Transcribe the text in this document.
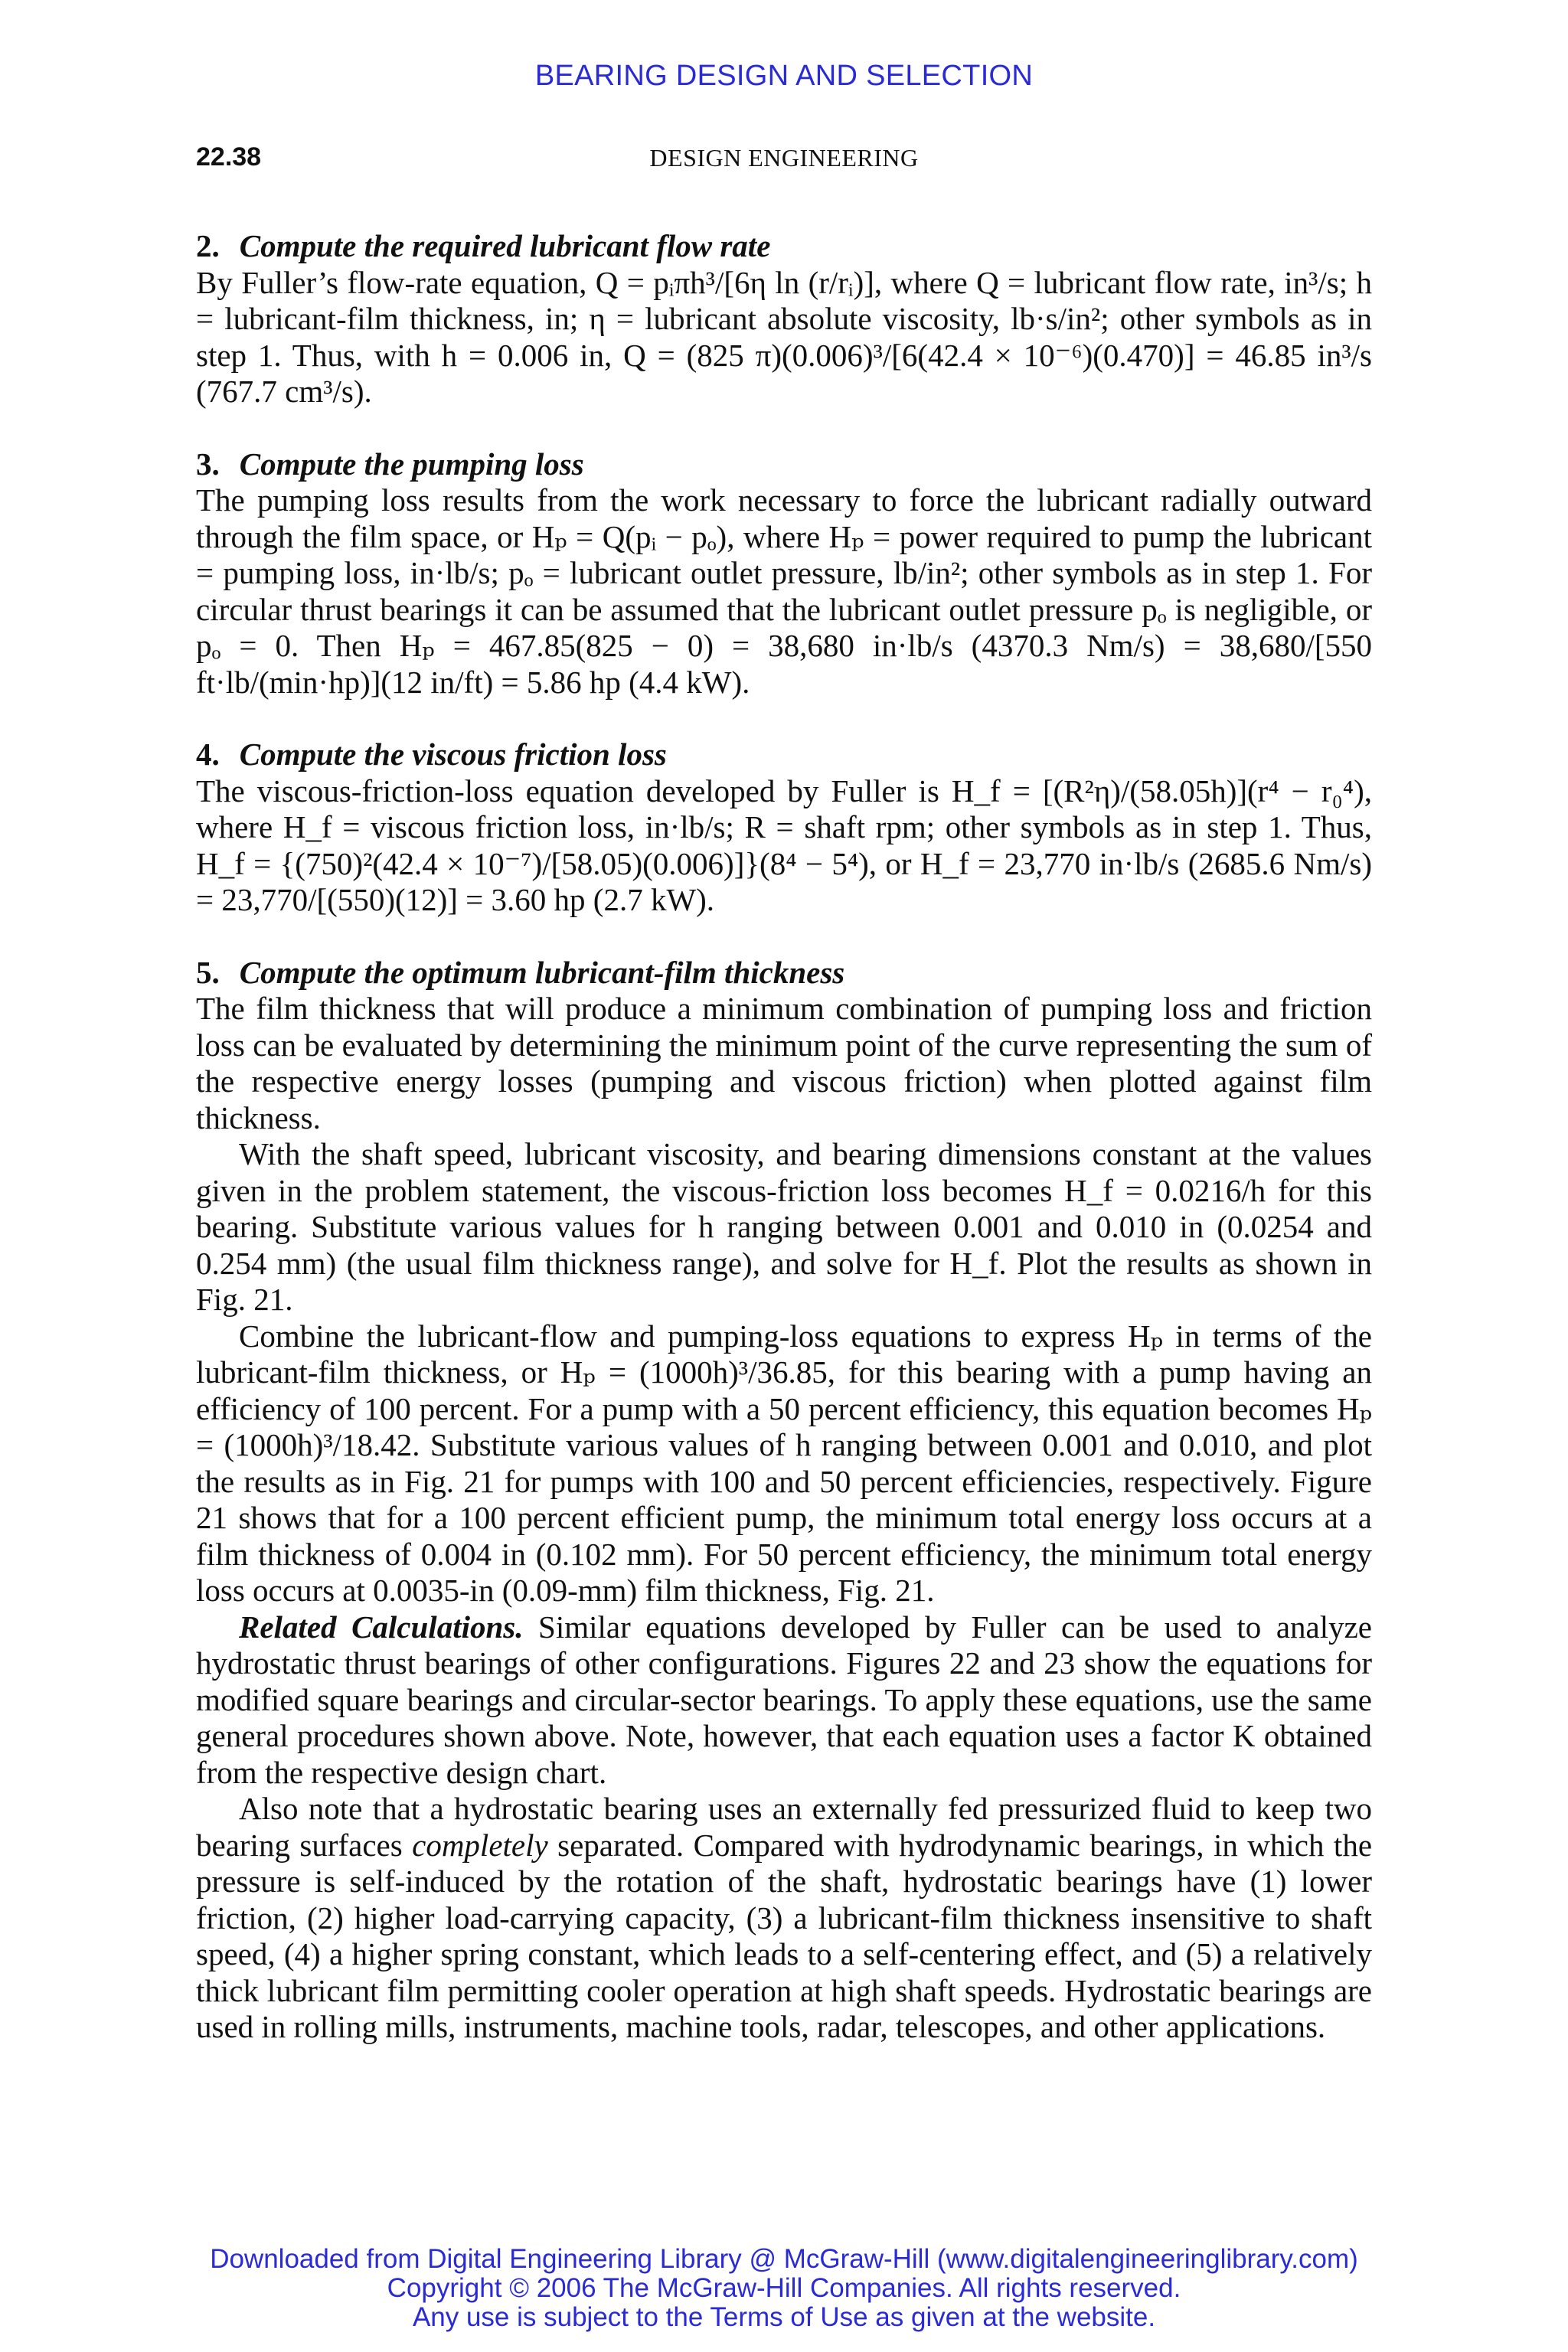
BEARING DESIGN AND SELECTION
22.38	DESIGN ENGINEERING
2. Compute the required lubricant flow rate
By Fuller’s flow-rate equation, Q = pᵢπh³/[6η ln (r/rᵢ)], where Q = lubricant flow rate, in³/s; h = lubricant-film thickness, in; η = lubricant absolute viscosity, lb·s/in²; other symbols as in step 1. Thus, with h = 0.006 in, Q = (825 π)(0.006)³/[6(42.4 × 10⁻⁶)(0.470)] = 46.85 in³/s (767.7 cm³/s).
3. Compute the pumping loss
The pumping loss results from the work necessary to force the lubricant radially outward through the film space, or Hₚ = Q(pᵢ − pₒ), where Hₚ = power required to pump the lubricant = pumping loss, in·lb/s; pₒ = lubricant outlet pressure, lb/in²; other symbols as in step 1. For circular thrust bearings it can be assumed that the lubricant outlet pressure pₒ is negligible, or pₒ = 0. Then Hₚ = 467.85(825 − 0) = 38,680 in·lb/s (4370.3 Nm/s) = 38,680/[550 ft·lb/(min·hp)](12 in/ft) = 5.86 hp (4.4 kW).
4. Compute the viscous friction loss
The viscous-friction-loss equation developed by Fuller is H_f = [(R²η)/(58.05h)](r⁴ − r₀⁴), where H_f = viscous friction loss, in·lb/s; R = shaft rpm; other symbols as in step 1. Thus, H_f = {(750)²(42.4 × 10⁻⁷)/[58.05)(0.006)]}(8⁴ − 5⁴), or H_f = 23,770 in·lb/s (2685.6 Nm/s) = 23,770/[(550)(12)] = 3.60 hp (2.7 kW).
5. Compute the optimum lubricant-film thickness
The film thickness that will produce a minimum combination of pumping loss and friction loss can be evaluated by determining the minimum point of the curve representing the sum of the respective energy losses (pumping and viscous friction) when plotted against film thickness.
With the shaft speed, lubricant viscosity, and bearing dimensions constant at the values given in the problem statement, the viscous-friction loss becomes H_f = 0.0216/h for this bearing. Substitute various values for h ranging between 0.001 and 0.010 in (0.0254 and 0.254 mm) (the usual film thickness range), and solve for H_f. Plot the results as shown in Fig. 21.
Combine the lubricant-flow and pumping-loss equations to express Hₚ in terms of the lubricant-film thickness, or Hₚ = (1000h)³/36.85, for this bearing with a pump having an efficiency of 100 percent. For a pump with a 50 percent efficiency, this equation becomes Hₚ = (1000h)³/18.42. Substitute various values of h ranging between 0.001 and 0.010, and plot the results as in Fig. 21 for pumps with 100 and 50 percent efficiencies, respectively. Figure 21 shows that for a 100 percent efficient pump, the minimum total energy loss occurs at a film thickness of 0.004 in (0.102 mm). For 50 percent efficiency, the minimum total energy loss occurs at 0.0035-in (0.09-mm) film thickness, Fig. 21.
Related Calculations. Similar equations developed by Fuller can be used to analyze hydrostatic thrust bearings of other configurations. Figures 22 and 23 show the equations for modified square bearings and circular-sector bearings. To apply these equations, use the same general procedures shown above. Note, however, that each equation uses a factor K obtained from the respective design chart.
Also note that a hydrostatic bearing uses an externally fed pressurized fluid to keep two bearing surfaces completely separated. Compared with hydrodynamic bearings, in which the pressure is self-induced by the rotation of the shaft, hydrostatic bearings have (1) lower friction, (2) higher load-carrying capacity, (3) a lubricant-film thickness insensitive to shaft speed, (4) a higher spring constant, which leads to a self-centering effect, and (5) a relatively thick lubricant film permitting cooler operation at high shaft speeds. Hydrostatic bearings are used in rolling mills, instruments, machine tools, radar, telescopes, and other applications.
Downloaded from Digital Engineering Library @ McGraw-Hill (www.digitalengineeringlibrary.com)
Copyright © 2006 The McGraw-Hill Companies. All rights reserved.
Any use is subject to the Terms of Use as given at the website.
